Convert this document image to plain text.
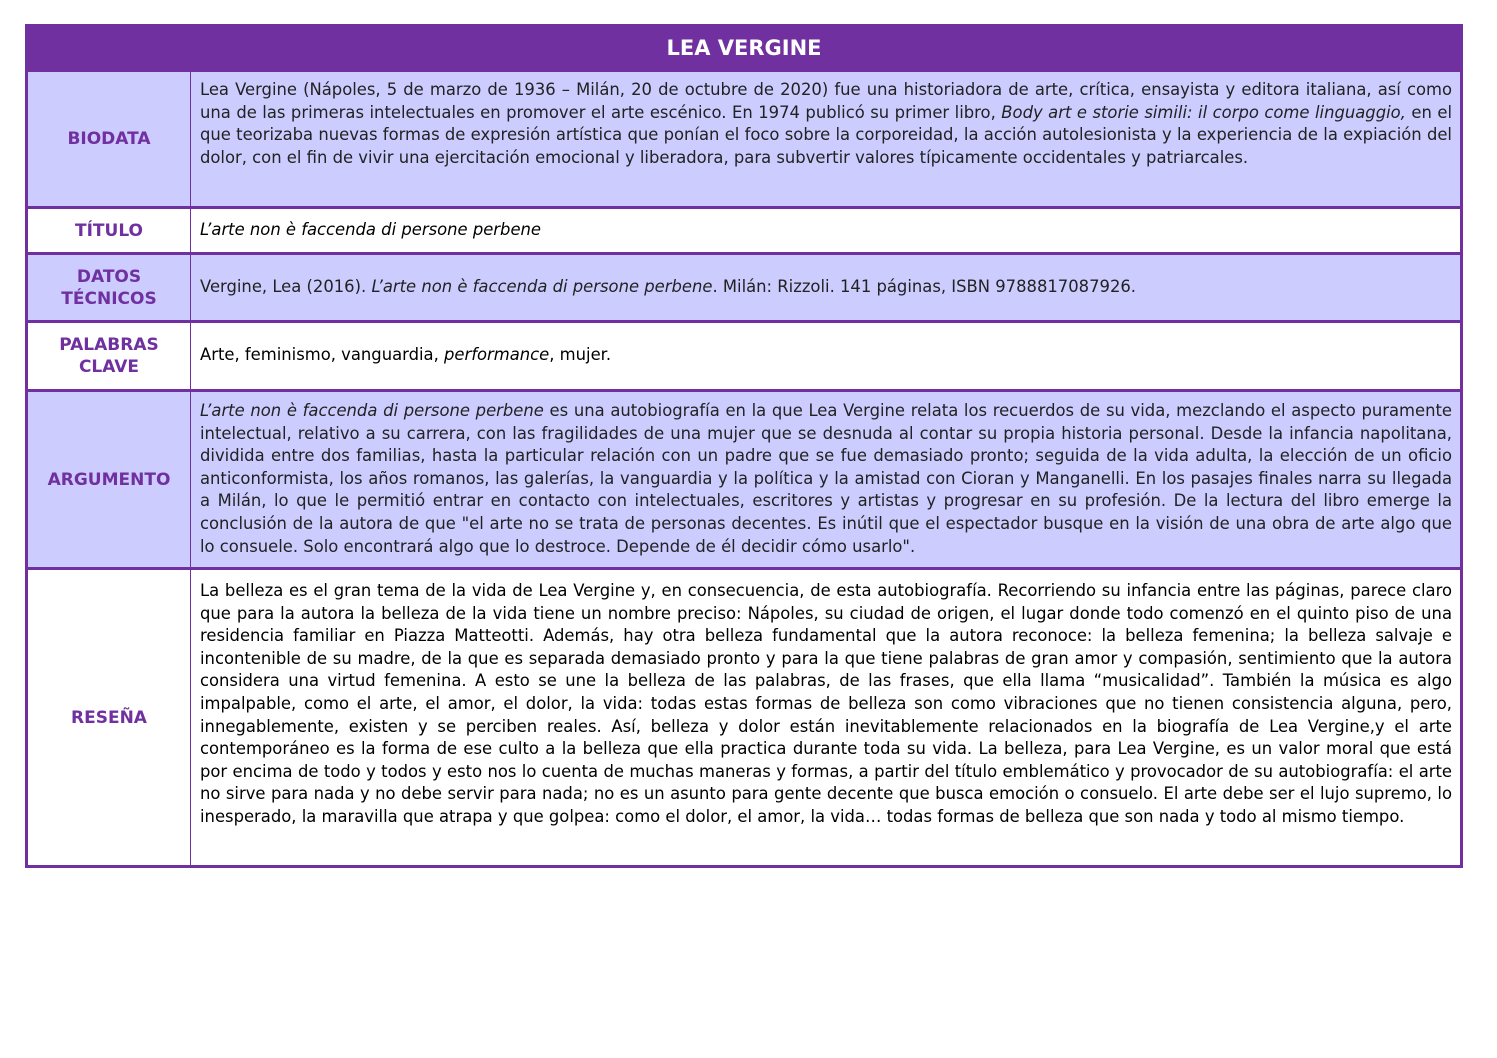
LEA VERGINE
BIODATA
Lea Vergine (Nápoles, 5 de marzo de 1936 – Milán, 20 de octubre de 2020) fue una historiadora de arte, crítica, ensayista y editora italiana, así como una de las primeras intelectuales en promover el arte escénico. En 1974 publicó su primer libro, Body art e storie simili: il corpo come linguaggio, en el que teorizaba nuevas formas de expresión artística que ponían el foco sobre la corporeidad, la acción autolesionista y la experiencia de la expiación del dolor, con el fin de vivir una ejercitación emocional y liberadora, para subvertir valores típicamente occidentales y patriarcales.
TÍTULO	L’arte non è faccenda di persone perbene
DATOS
TÉCNICOS
Vergine, Lea (2016). L’arte non è faccenda di persone perbene. Milán: Rizzoli. 141 páginas, ISBN 9788817087926.
PALABRAS
CLAVE
Arte, feminismo, vanguardia, performance, mujer.
ARGUMENTO
L’arte non è faccenda di persone perbene es una autobiografía en la que Lea Vergine relata los recuerdos de su vida, mezclando el aspecto puramente intelectual, relativo a su carrera, con las fragilidades de una mujer que se desnuda al contar su propia historia personal. Desde la infancia napolitana, dividida entre dos familias, hasta la particular relación con un padre que se fue demasiado pronto; seguida de la vida adulta, la elección de un oficio anticonformista, los años romanos, las galerías, la vanguardia y la política y la amistad con Cioran y Manganelli. En los pasajes finales narra su llegada a Milán, lo que le permitió entrar en contacto con intelectuales, escritores y artistas y progresar en su profesión. De la lectura del libro emerge la conclusión de la autora de que "el arte no se trata de personas decentes. Es inútil que el espectador busque en la visión de una obra de arte algo que lo consuele. Solo encontrará algo que lo destroce. Depende de él decidir cómo usarlo".
RESEÑA
La belleza es el gran tema de la vida de Lea Vergine y, en consecuencia, de esta autobiografía. Recorriendo su infancia entre las páginas, parece claro que para la autora la belleza de la vida tiene un nombre preciso: Nápoles, su ciudad de origen, el lugar donde todo comenzó en el quinto piso de una residencia familiar en Piazza Matteotti. Además, hay otra belleza fundamental que la autora reconoce: la belleza femenina; la belleza salvaje e incontenible de su madre, de la que es separada demasiado pronto y para la que tiene palabras de gran amor y compasión, sentimiento que la autora considera una virtud femenina. A esto se une la belleza de las palabras, de las frases, que ella llama “musicalidad”. También la música es algo impalpable, como el arte, el amor, el dolor, la vida: todas estas formas de belleza son como vibraciones que no tienen consistencia alguna, pero, innegablemente, existen y se perciben reales. Así, belleza y dolor están inevitablemente relacionados en la biografía de Lea Vergine,y el arte contemporáneo es la forma de ese culto a la belleza que ella practica durante toda su vida. La belleza, para Lea Vergine, es un valor moral que está por encima de todo y todos y esto nos lo cuenta de muchas maneras y formas, a partir del título emblemático y provocador de su autobiografía: el arte no sirve para nada y no debe servir para nada; no es un asunto para gente decente que busca emoción o consuelo. El arte debe ser el lujo supremo, lo inesperado, la maravilla que atrapa y que golpea: como el dolor, el amor, la vida… todas formas de belleza que son nada y todo al mismo tiempo.
